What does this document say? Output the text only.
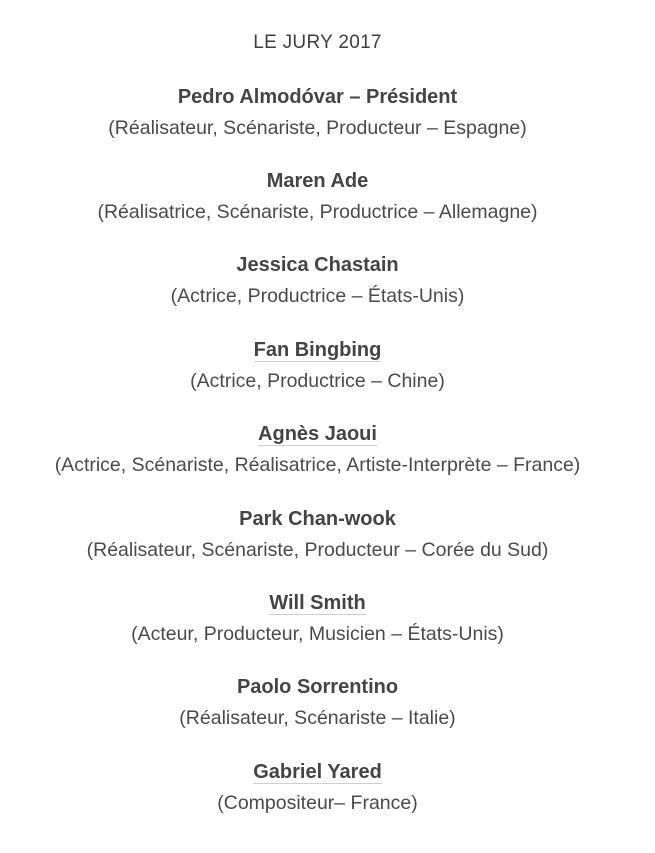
LE JURY 2017
Pedro Almodóvar – Président
(Réalisateur, Scénariste, Producteur – Espagne)
Maren Ade
(Réalisatrice, Scénariste, Productrice – Allemagne)
Jessica Chastain
(Actrice, Productrice – États-Unis)
Fan Bingbing
(Actrice, Productrice – Chine)
Agnès Jaoui
(Actrice, Scénariste, Réalisatrice, Artiste-Interprète – France)
Park Chan-wook
(Réalisateur, Scénariste, Producteur – Corée du Sud)
Will Smith
(Acteur, Producteur, Musicien – États-Unis)
Paolo Sorrentino
(Réalisateur, Scénariste – Italie)
Gabriel Yared
(Compositeur– France)
